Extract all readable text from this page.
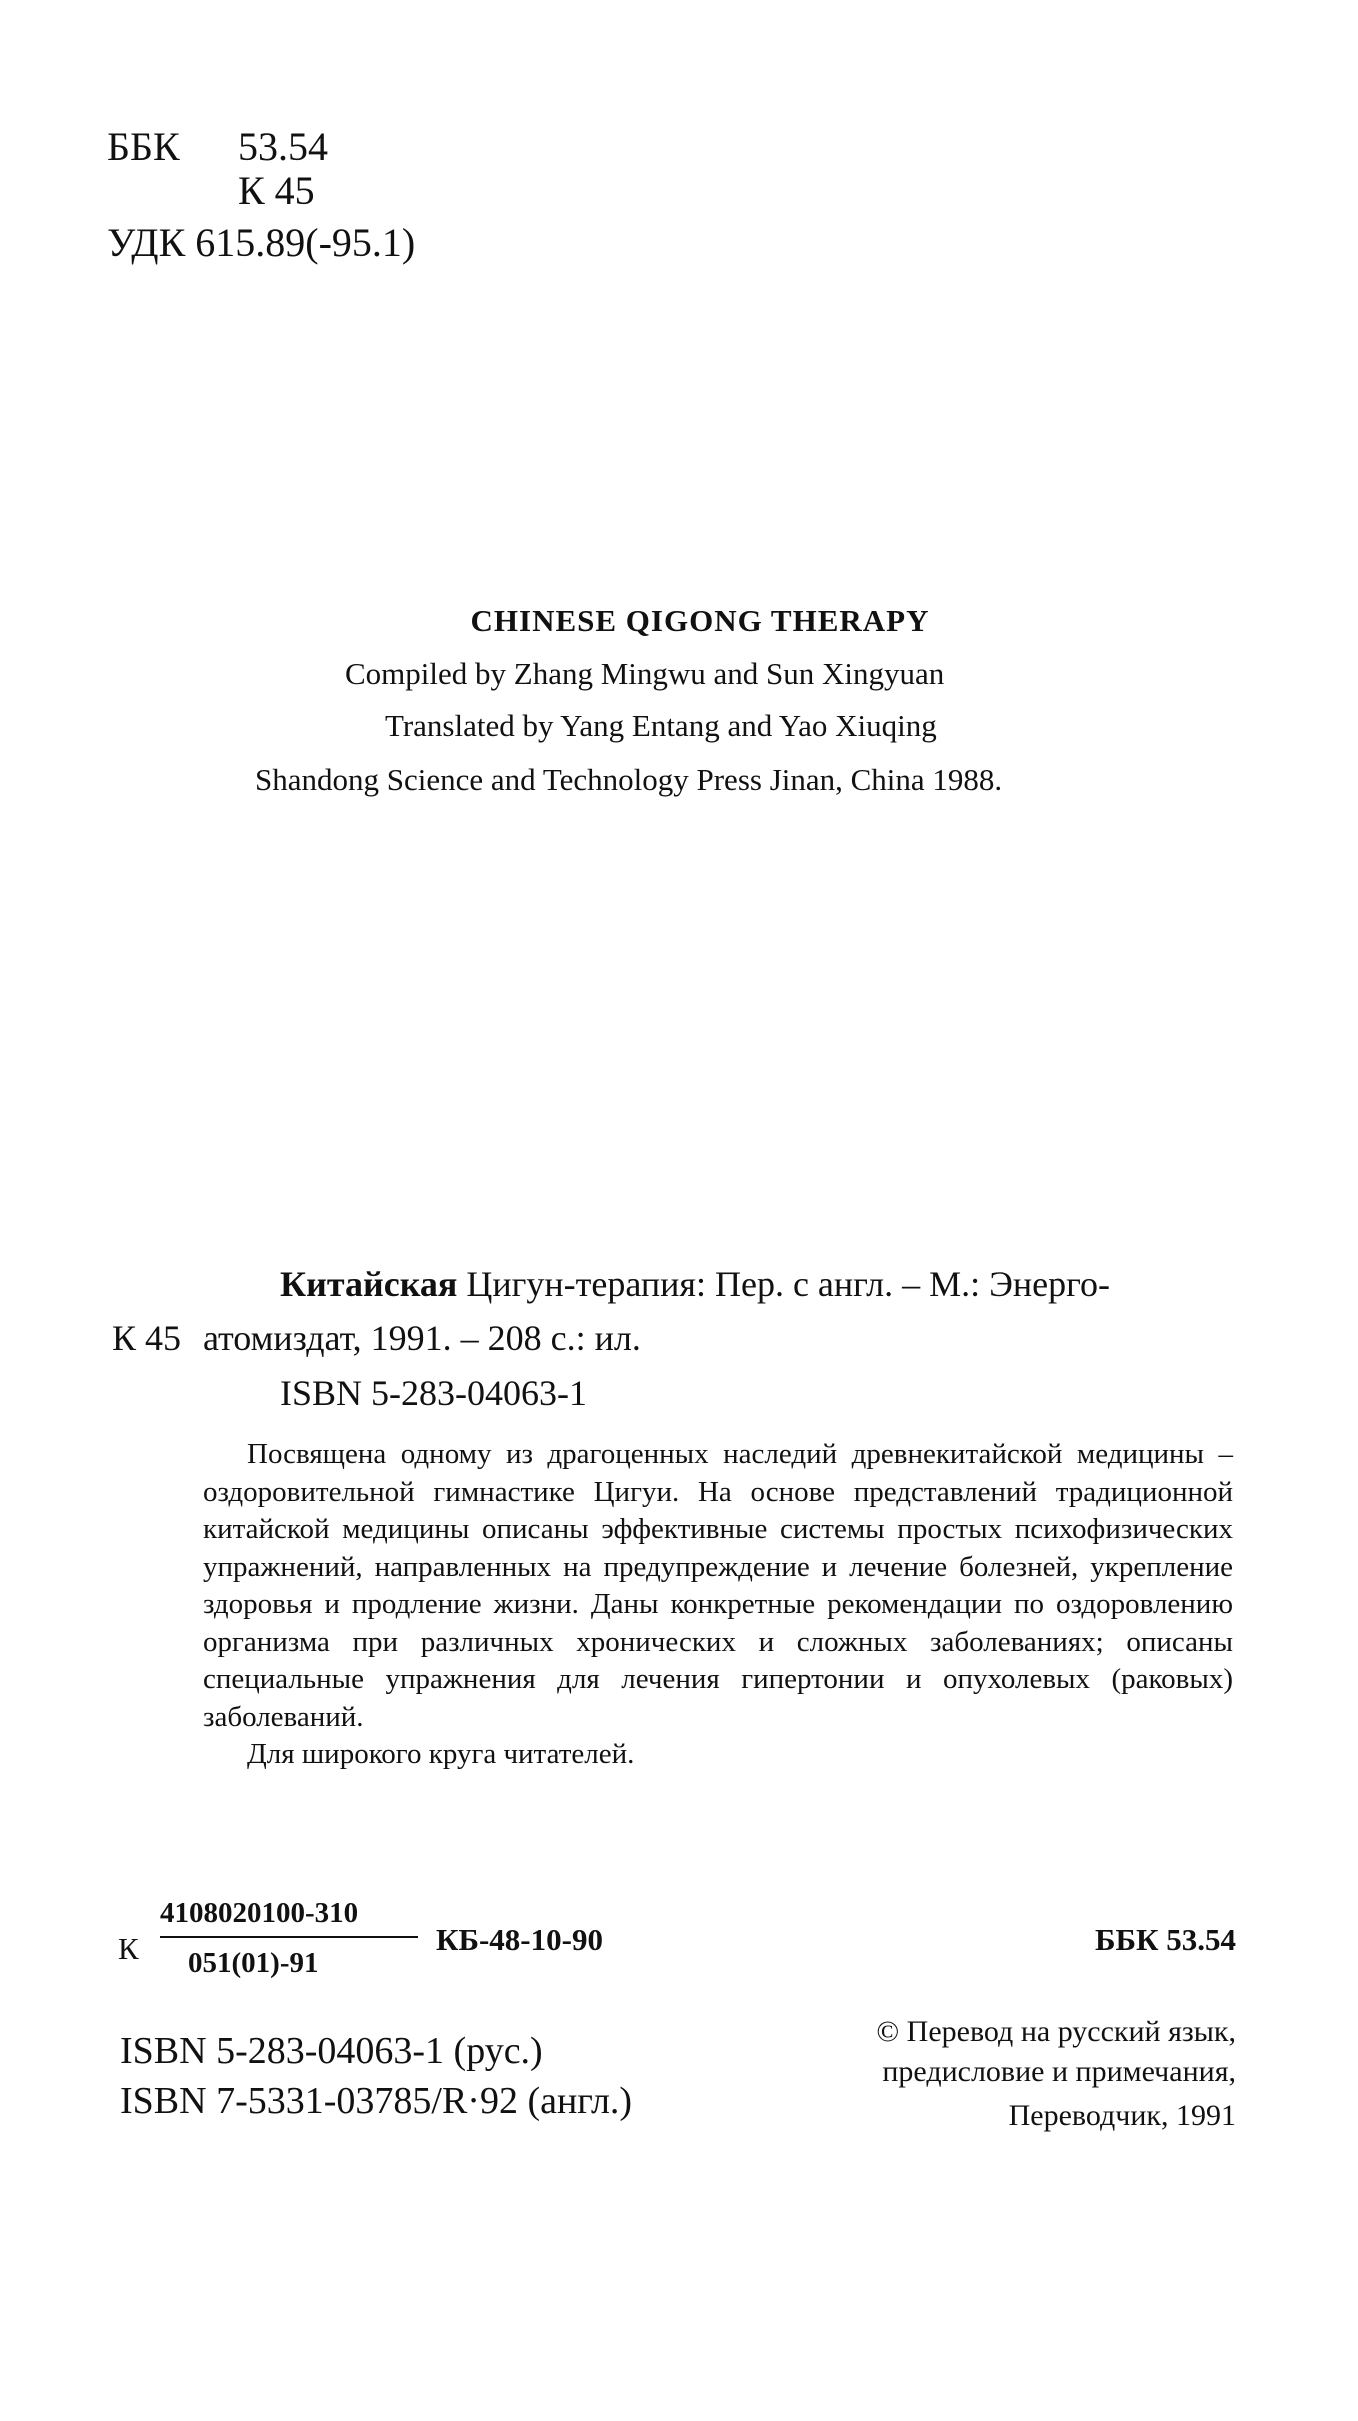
ББК 53.54
К 45
УДК 615.89(-95.1)
CHINESE QIGONG THERAPY
Compiled by Zhang Mingwu and Sun Xingyuan
Translated by Yang Entang and Yao Xiuqing
Shandong Science and Technology Press Jinan, China 1988.
Китайская Цигун-терапия: Пер. с англ. – М.: Энерго-
К 45 атомиздат, 1991. – 208 с.: ил.
ISBN 5-283-04063-1

Посвящена одному из драгоценных наследий древнекитайской медицины – оздоровительной гимнастике Цигуи. На основе представлений традиционной китайской медицины описаны эффективные системы простых психофизических упражнений, направленных на предупреждение и лечение болезней, укрепление здоровья и продление жизни. Даны конкретные рекомендации по оздоровлению организма при различных хронических и сложных заболеваниях; описаны специальные упражнения для лечения гипертонии и опухолевых (раковых) заболеваний.

Для широкого круга читателей.
К
4108020100-310
051(01)-91
КБ-48-10-90	ББК 53.54
ISBN 5-283-04063-1 (рус.)
ISBN 7-5331-03785/R·92 (англ.)
© Перевод на русский язык,
предисловие и примечания,
Переводчик, 1991
